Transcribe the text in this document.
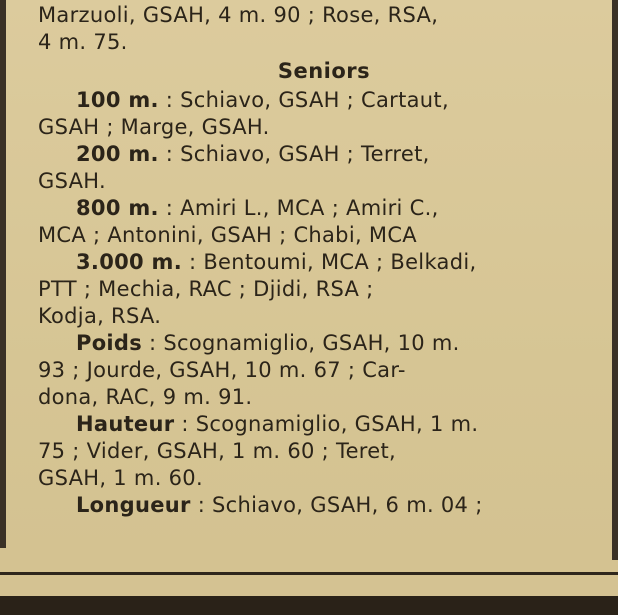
Marzuoli, GSAH, 4 m. 90 ; Rose, RSA,
4 m. 75.
Seniors
100 m. : Schiavo, GSAH ; Cartaut,
GSAH ; Marge, GSAH.
200 m. : Schiavo, GSAH ; Terret,
GSAH.
800 m. : Amiri L., MCA ; Amiri C.,
MCA ; Antonini, GSAH ; Chabi, MCA
3.000 m. : Bentoumi, MCA ; Belkadi,
PTT ; Mechia, RAC ; Djidi, RSA ;
Kodja, RSA.
Poids : Scognamiglio, GSAH, 10 m.
93 ; Jourde, GSAH, 10 m. 67 ; Car-
dona, RAC, 9 m. 91.
Hauteur : Scognamiglio, GSAH, 1 m.
75 ; Vider, GSAH, 1 m. 60 ; Teret,
GSAH, 1 m. 60.
Longueur : Schiavo, GSAH, 6 m. 04 ;
